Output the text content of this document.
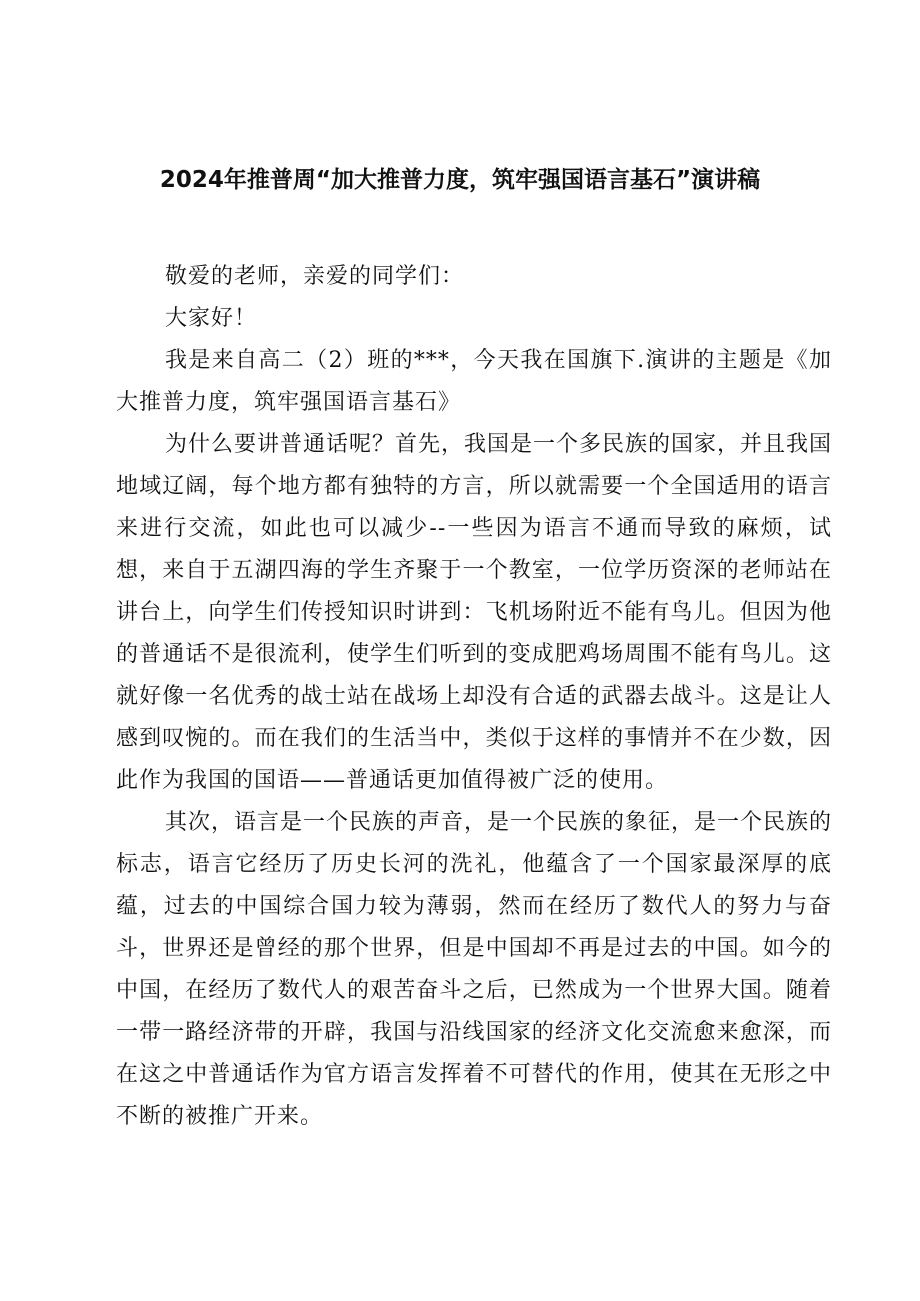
2024年推普周“加大推普力度，筑牢强国语言基石”演讲稿

敬爱的老师，亲爱的同学们：

大家好！

我是来自高二（2）班的***，今天我在国旗下.演讲的主题是《加大推普力度，筑牢强国语言基石》

为什么要讲普通话呢？首先，我国是一个多民族的国家，并且我国地域辽阔，每个地方都有独特的方言，所以就需要一个全国适用的语言来进行交流，如此也可以减少--一些因为语言不通而导致的麻烦，试想，来自于五湖四海的学生齐聚于一个教室，一位学历资深的老师站在讲台上，向学生们传授知识时讲到：飞机场附近不能有鸟儿。但因为他的普通话不是很流利，使学生们听到的变成肥鸡场周围不能有鸟儿。这就好像一名优秀的战士站在战场上却没有合适的武器去战斗。这是让人感到叹惋的。而在我们的生活当中，类似于这样的事情并不在少数，因此作为我国的国语——普通话更加值得被广泛的使用。

其次，语言是一个民族的声音，是一个民族的象征，是一个民族的标志，语言它经历了历史长河的洗礼，他蕴含了一个国家最深厚的底蕴，过去的中国综合国力较为薄弱，然而在经历了数代人的努力与奋斗，世界还是曾经的那个世界，但是中国却不再是过去的中国。如今的中国，在经历了数代人的艰苦奋斗之后，已然成为一个世界大国。随着一带一路经济带的开辟，我国与沿线国家的经济文化交流愈来愈深，而在这之中普通话作为官方语言发挥着不可替代的作用，使其在无形之中不断的被推广开来。
